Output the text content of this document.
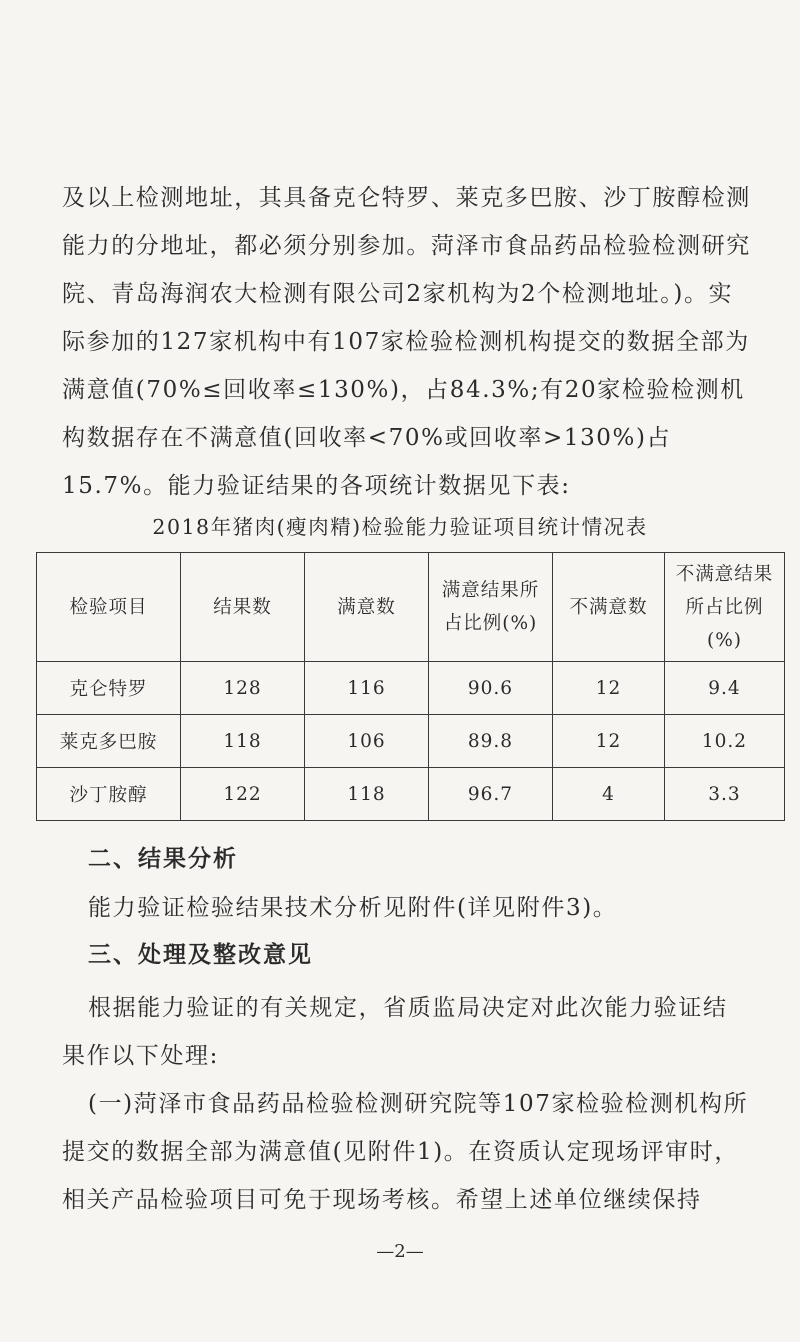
及以上检测地址，其具备克仑特罗、莱克多巴胺、沙丁胺醇检测能力的分地址，都必须分别参加。菏泽市食品药品检验检测研究院、青岛海润农大检测有限公司2家机构为2个检测地址。)。实际参加的127家机构中有107家检验检测机构提交的数据全部为满意值(70%≤回收率≤130%)，占84.3%;有20家检验检测机构数据存在不满意值(回收率<70%或回收率>130%)占15.7%。能力验证结果的各项统计数据见下表:

2018年猪肉(瘦肉精)检验能力验证项目统计情况表

检验项目	结果数	满意数	满意结果所占比例(%)	不满意数	不满意结果所占比例(%)
克仑特罗	128	116	90.6	12	9.4
莱克多巴胺	118	106	89.8	12	10.2
沙丁胺醇	122	118	96.7	4	3.3

二、结果分析

能力验证检验结果技术分析见附件(详见附件3)。

三、处理及整改意见

根据能力验证的有关规定，省质监局决定对此次能力验证结果作以下处理:

(一)菏泽市食品药品检验检测研究院等107家检验检测机构所提交的数据全部为满意值(见附件1)。在资质认定现场评审时，相关产品检验项目可免于现场考核。希望上述单位继续保持

—2—
